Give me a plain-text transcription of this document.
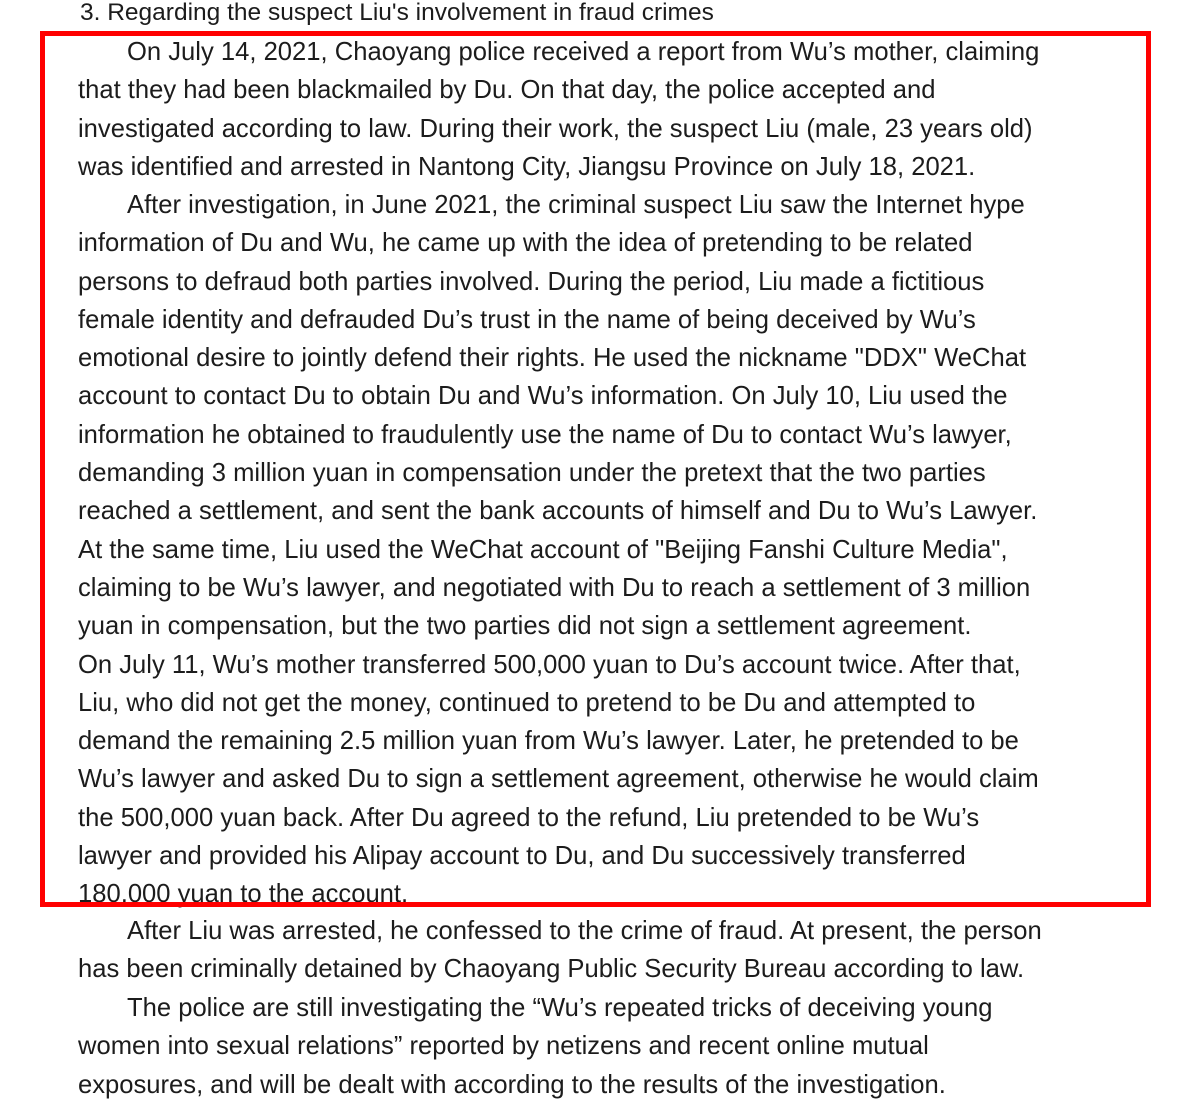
3. Regarding the suspect Liu's involvement in fraud crimes
On July 14, 2021, Chaoyang police received a report from Wu’s mother, claiming
that they had been blackmailed by Du. On that day, the police accepted and
investigated according to law. During their work, the suspect Liu (male, 23 years old)
was identified and arrested in Nantong City, Jiangsu Province on July 18, 2021.
After investigation, in June 2021, the criminal suspect Liu saw the Internet hype
information of Du and Wu, he came up with the idea of pretending to be related
persons to defraud both parties involved. During the period, Liu made a fictitious
female identity and defrauded Du’s trust in the name of being deceived by Wu’s
emotional desire to jointly defend their rights. He used the nickname "DDX" WeChat
account to contact Du to obtain Du and Wu’s information. On July 10, Liu used the
information he obtained to fraudulently use the name of Du to contact Wu’s lawyer,
demanding 3 million yuan in compensation under the pretext that the two parties
reached a settlement, and sent the bank accounts of himself and Du to Wu’s Lawyer.
At the same time, Liu used the WeChat account of "Beijing Fanshi Culture Media",
claiming to be Wu’s lawyer, and negotiated with Du to reach a settlement of 3 million
yuan in compensation, but the two parties did not sign a settlement agreement.
On July 11, Wu’s mother transferred 500,000 yuan to Du’s account twice. After that,
Liu, who did not get the money, continued to pretend to be Du and attempted to
demand the remaining 2.5 million yuan from Wu’s lawyer. Later, he pretended to be
Wu’s lawyer and asked Du to sign a settlement agreement, otherwise he would claim
the 500,000 yuan back. After Du agreed to the refund, Liu pretended to be Wu’s
lawyer and provided his Alipay account to Du, and Du successively transferred
180,000 yuan to the account.
After Liu was arrested, he confessed to the crime of fraud. At present, the person
has been criminally detained by Chaoyang Public Security Bureau according to law.
The police are still investigating the “Wu’s repeated tricks of deceiving young
women into sexual relations” reported by netizens and recent online mutual
exposures, and will be dealt with according to the results of the investigation.
